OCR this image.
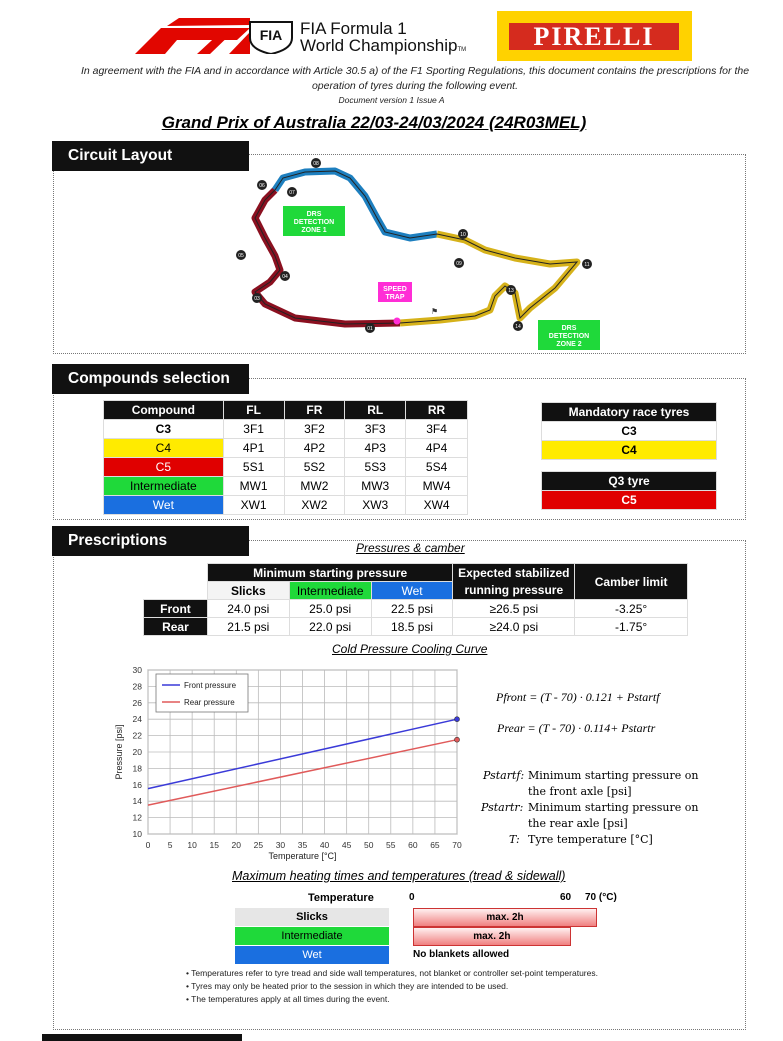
FIA FIA Formula 1
World ChampionshipTM	PIRELLI
In agreement with the FIA and in accordance with Article 30.5 a) of the F1 Sporting Regulations, this document contains the prescriptions for the operation of tyres during the following event.
Document version 1 Issue A
Grand Prix of Australia 22/03-24/03/2024 (24R03MEL)
Circuit Layout
DRS
DETECTION
ZONE 1
DRS
DETECTION
ZONE 2
SPEED
TRAP
⚑
01
03
04
05
06
07
08
09
10
11
13
14
Compounds selection
Compound	FL	FR	RL	RR
C3	3F1	3F2	3F3	3F4
C4	4P1	4P2	4P3	4P4
C5	5S1	5S2	5S3	5S4
Intermediate	MW1	MW2	MW3	MW4
Wet	XW1	XW2	XW3	XW4
Mandatory race tyres
C3
C4
Q3 tyre
C5
Prescriptions	Pressures & camber
	Minimum starting pressure			Expected stabilized	Camber limit
	Slicks	Intermediate	Wet	running pressure	
Front	24.0 psi	25.0 psi	22.5 psi	≥26.5 psi	-3.25°
Rear	21.5 psi	22.0 psi	18.5 psi	≥24.0 psi	-1.75°
Cold Pressure Cooling Curve
0 5 10 15 20 25 30 35 40 45 50 55 60 65 70
10
12
14
16
18
20
22
24
26
28
30
Front pressure
Rear pressure
Temperature [°C]
Pressure [psi]
Pfront = (T - 70) · 0.121 + Pstartf
Prear = (T - 70) · 0.114+ Pstartr
Pstartf: Minimum starting pressure on
the front axle [psi]
Pstartr: Minimum starting pressure on
the rear axle [psi]
T: Tyre temperature [°C]
Maximum heating times and temperatures (tread & sidewall)
Temperature	0	60 70 (°C)
Slicks
Intermediate
Wet
max. 2h
max. 2h
No blankets allowed
• Temperatures refer to tyre tread and side wall temperatures, not blanket or controller set-point temperatures.
• Tyres may only be heated prior to the session in which they are intended to be used.
• The temperatures apply at all times during the event.
